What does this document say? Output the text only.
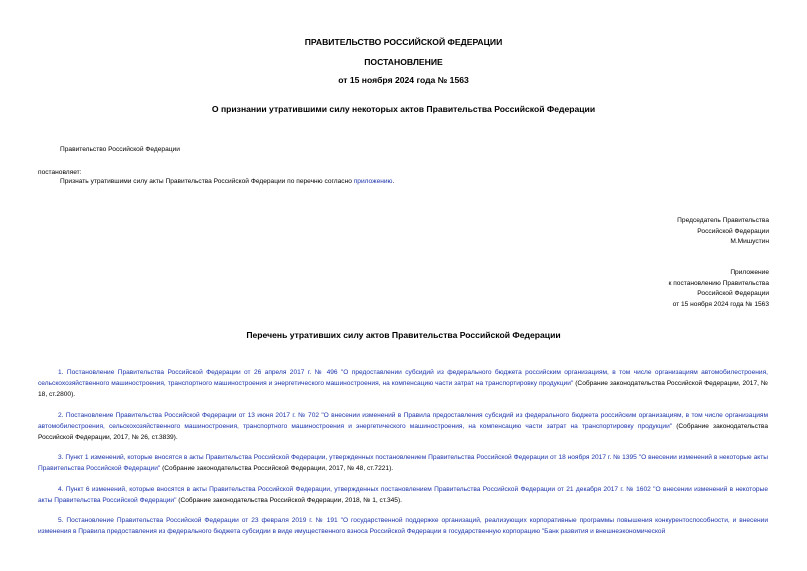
ПРАВИТЕЛЬСТВО РОССИЙСКОЙ ФЕДЕРАЦИИ
ПОСТАНОВЛЕНИЕ
от 15 ноября 2024 года № 1563
О признании утратившими силу некоторых актов Правительства Российской Федерации
Правительство Российской Федерации
постановляет:
Признать утратившими силу акты Правительства Российской Федерации по перечню согласно приложению.
Председатель Правительства
Российской Федерации
М.Мишустин
Приложение
к постановлению Правительства
Российской Федерации
от 15 ноября 2024 года № 1563
Перечень утративших силу актов Правительства Российской Федерации
1. Постановление Правительства Российской Федерации от 26 апреля 2017 г. № 496 "О предоставлении субсидий из федерального бюджета российским организациям, в том числе организациям автомобилестроения, сельскохозяйственного машиностроения, транспортного машиностроения и энергетического машиностроения, на компенсацию части затрат на транспортировку продукции" (Собрание законодательства Российской Федерации, 2017, № 18, ст.2800).
2. Постановление Правительства Российской Федерации от 13 июня 2017 г. № 702 "О внесении изменений в Правила предоставления субсидий из федерального бюджета российским организациям, в том числе организациям автомобилестроения, сельскохозяйственного машиностроения, транспортного машиностроения и энергетического машиностроения, на компенсацию части затрат на транспортировку продукции" (Собрание законодательства Российской Федерации, 2017, № 26, ст.3839).
3. Пункт 1 изменений, которые вносятся в акты Правительства Российской Федерации, утвержденных постановлением Правительства Российской Федерации от 18 ноября 2017 г. № 1395 "О внесении изменений в некоторые акты Правительства Российской Федерации" (Собрание законодательства Российской Федерации, 2017, № 48, ст.7221).
4. Пункт 6 изменений, которые вносятся в акты Правительства Российской Федерации, утвержденных постановлением Правительства Российской Федерации от 21 декабря 2017 г. № 1602 "О внесении изменений в некоторые акты Правительства Российской Федерации" (Собрание законодательства Российской Федерации, 2018, № 1, ст.345).
5. Постановление Правительства Российской Федерации от 23 февраля 2019 г. № 191 "О государственной поддержке организаций, реализующих корпоративные программы повышения конкурентоспособности, и внесении изменения в Правила предоставления из федерального бюджета субсидии в виде имущественного взноса Российской Федерации в государственную корпорацию "Банк развития и внешнеэкономической
